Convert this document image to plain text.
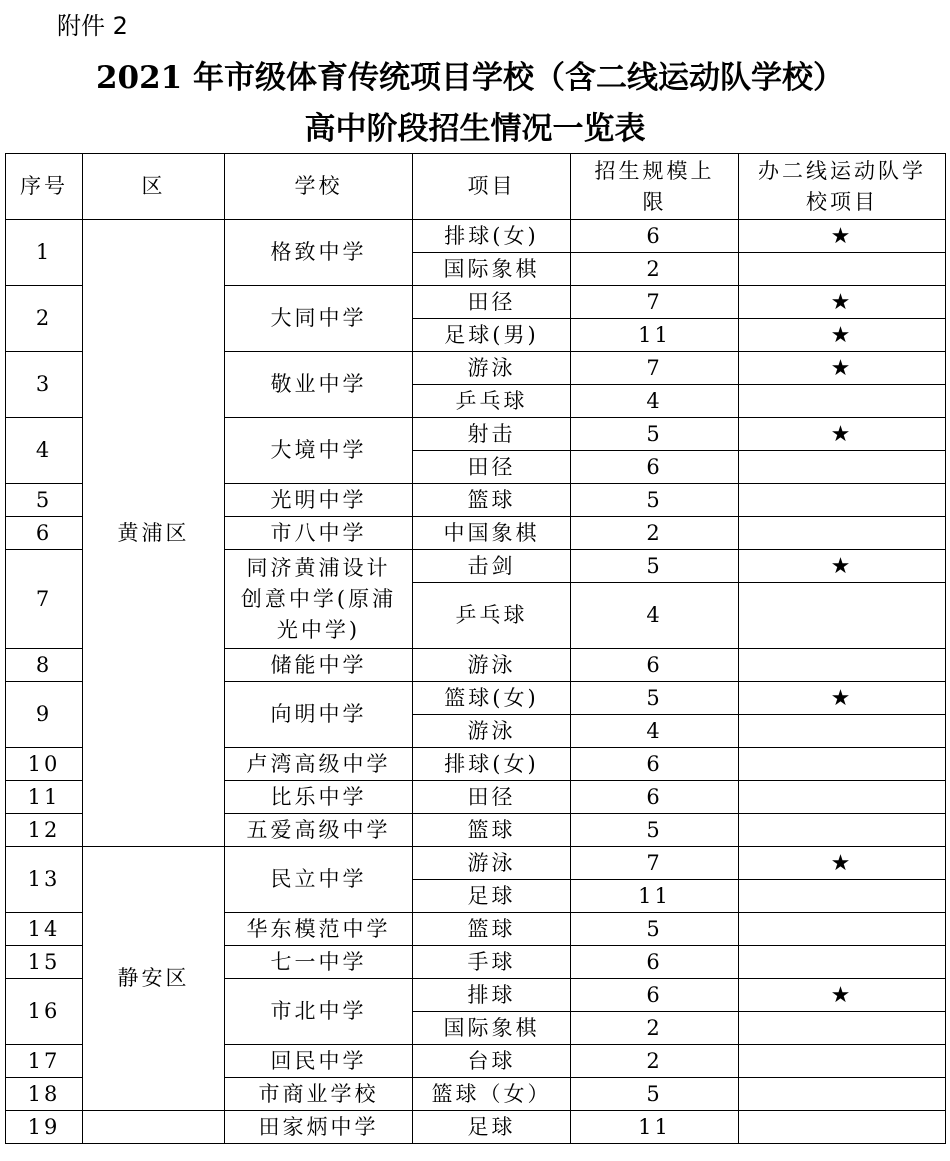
附件 2
2021 年市级体育传统项目学校（含二线运动队学校）
高中阶段招生情况一览表
序号	区	学校	项目	招生规模上限	办二线运动队学校项目
1	黄浦区	格致中学	排球(女)	6	★
			国际象棋	2	
2		大同中学	田径	7	★
			足球(男)	11	★
3		敬业中学	游泳	7	★
			乒乓球	4	
4		大境中学	射击	5	★
			田径	6	
5		光明中学	篮球	5	
6		市八中学	中国象棋	2	
7		同济黄浦设计创意中学(原浦光中学)	击剑	5	★
			乒乓球	4	
8		储能中学	游泳	6	
9		向明中学	篮球(女)	5	★
			游泳	4	
10		卢湾高级中学	排球(女)	6	
11		比乐中学	田径	6	
12		五爱高级中学	篮球	5	
13	静安区	民立中学	游泳	7	★
			足球	11	
14		华东模范中学	篮球	5	
15		七一中学	手球	6	
16		市北中学	排球	6	★
			国际象棋	2	
17		回民中学	台球	2	
18		市商业学校	篮球（女）	5	
19		田家炳中学	足球	11	
